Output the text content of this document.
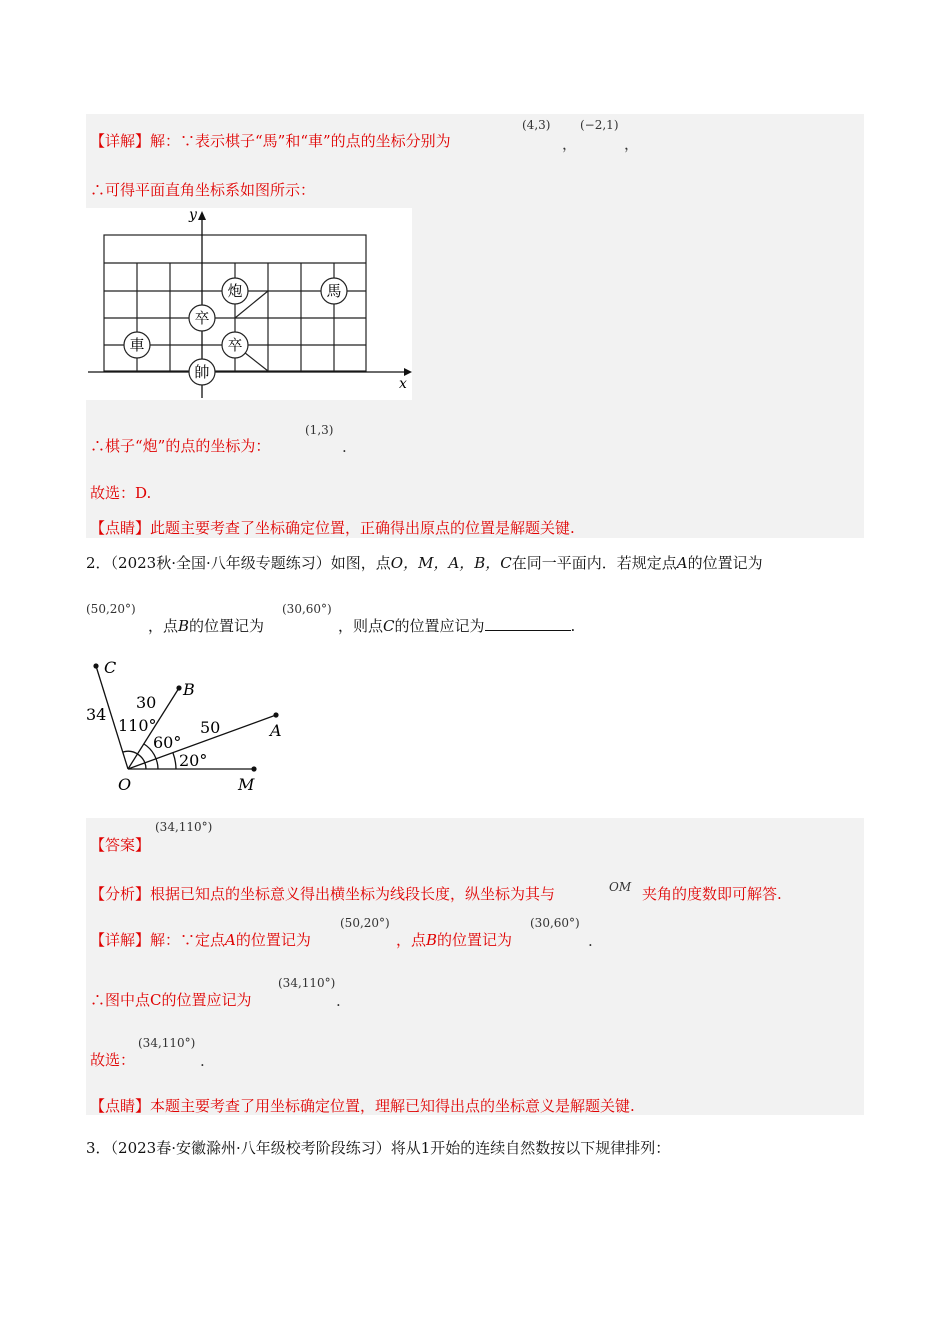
【详解】解：∵表示棋子“馬”和“車”的点的坐标分别为
(4,3)
，
(−2,1)
，
∴可得平面直角坐标系如图所示：
y
x
炮	馬
卒
車	卒
帥
∴棋子“炮”的点的坐标为：
(1,3)
.
故选：D.
【点睛】此题主要考查了坐标确定位置，正确得出原点的位置是解题关键.
2．（2023秋·全国·八年级专题练习）如图，点O，M，A，B，C在同一平面内．若规定点A的位置记为
(50,20°)
，点B的位置记为
(30,60°)
，则点C的位置应记为	.
C
B
A
O	M
34
30
50
110°
60°
20°
【答案】
(34,110°)
【分析】根据已知点的坐标意义得出横坐标为线段长度，纵坐标为其与	OM 夹角的度数即可解答.
【详解】解：∵定点A的位置记为
(50,20°)
，点B的位置记为
(30,60°)
.
∴图中点C的位置应记为
(34,110°)
.
故选：
(34,110°)
.
【点睛】本题主要考查了用坐标确定位置，理解已知得出点的坐标意义是解题关键.
3．（2023春·安徽滁州·八年级校考阶段练习）将从1开始的连续自然数按以下规律排列：
